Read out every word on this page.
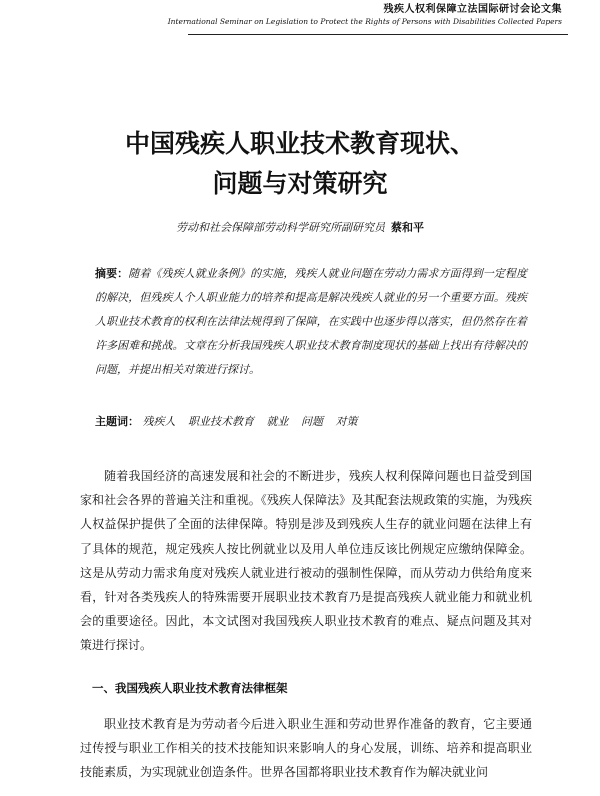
残疾人权利保障立法国际研讨会论文集
International Seminar on Legislation to Protect the Rights of Persons with Disabilities Collected Papers
中国残疾人职业技术教育现状、
问题与对策研究
劳动和社会保障部劳动科学研究所副研究员 蔡和平
摘要：随着《残疾人就业条例》的实施，残疾人就业问题在劳动力需求方面得到一定程度的解决，但残疾人个人职业能力的培养和提高是解决残疾人就业的另一个重要方面。残疾人职业技术教育的权利在法律法规得到了保障，在实践中也逐步得以落实，但仍然存在着许多困难和挑战。文章在分析我国残疾人职业技术教育制度现状的基础上找出有待解决的问题，并提出相关对策进行探讨。
主题词： 残疾人 职业技术教育 就业 问题 对策

随着我国经济的高速发展和社会的不断进步，残疾人权利保障问题也日益受到国家和社会各界的普遍关注和重视。《残疾人保障法》及其配套法规政策的实施，为残疾人权益保护提供了全面的法律保障。特别是涉及到残疾人生存的就业问题在法律上有了具体的规范，规定残疾人按比例就业以及用人单位违反该比例规定应缴纳保障金。这是从劳动力需求角度对残疾人就业进行被动的强制性保障，而从劳动力供给角度来看，针对各类残疾人的特殊需要开展职业技术教育乃是提高残疾人就业能力和就业机会的重要途径。因此，本文试图对我国残疾人职业技术教育的难点、疑点问题及其对策进行探讨。

一、我国残疾人职业技术教育法律框架

职业技术教育是为劳动者今后进入职业生涯和劳动世界作准备的教育，它主要通过传授与职业工作相关的技术技能知识来影响人的身心发展，训练、培养和提高职业技能素质，为实现就业创造条件。世界各国都将职业技术教育作为解决就业问
